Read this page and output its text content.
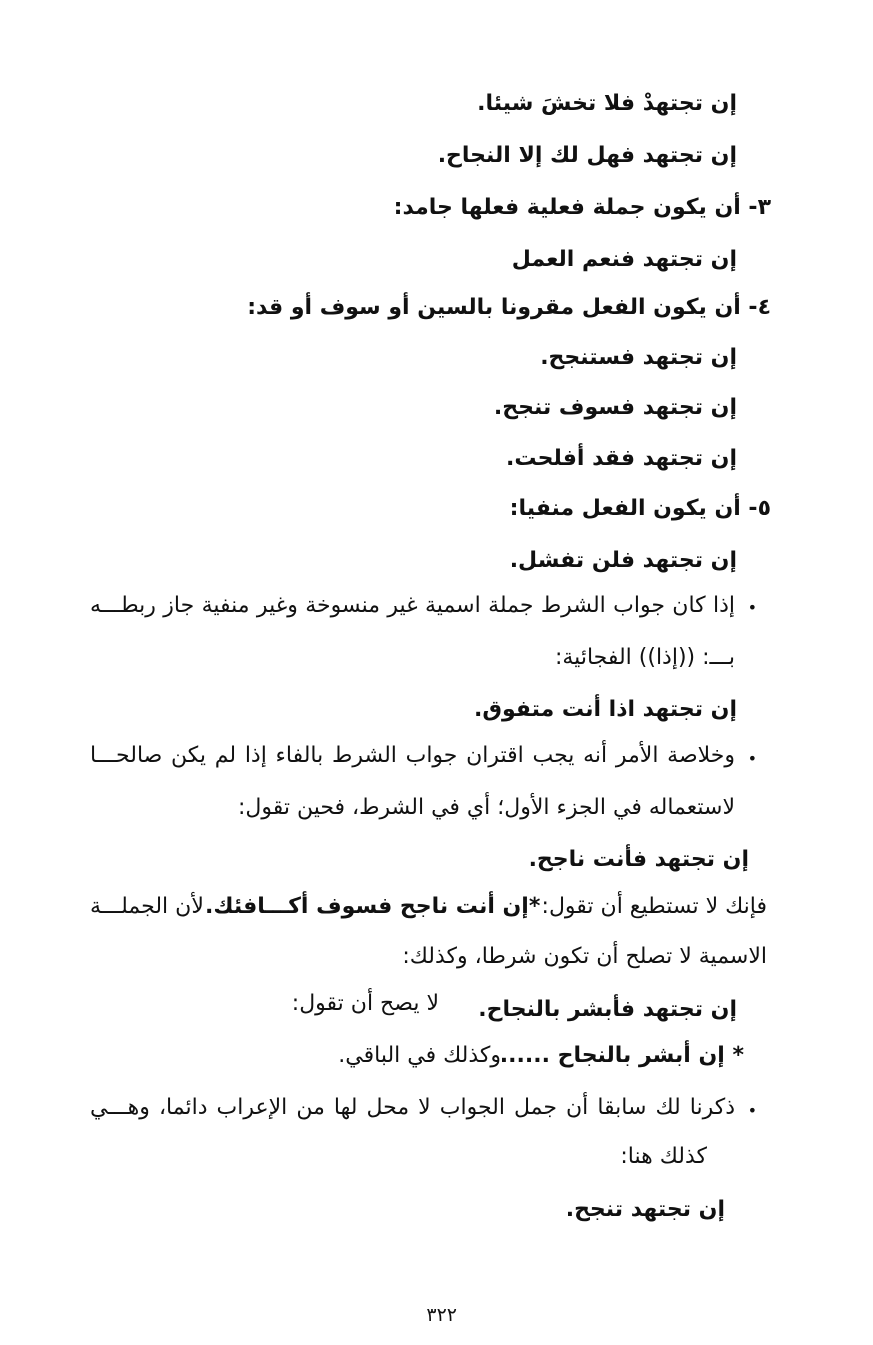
إن تجتهدْ فلا تخشَ شيئا.
إن تجتهد فهل لك إلا النجاح.
٣- أن يكون جملة فعلية فعلها جامد:
إن تجتهد فنعم العمل
٤- أن يكون الفعل مقرونا بالسين أو سوف أو قد:
إن تجتهد فستنجح.
إن تجتهد فسوف تنجح.
إن تجتهد فقد أفلحت.
٥- أن يكون الفعل منفيا:
إن تجتهد فلن تفشل.
•
إذا كان جواب الشرط جملة اسمية غير منسوخة وغير منفية جاز ربطـــه
بـــ: ((إذا)) الفجائية:
إن تجتهد اذا أنت متفوق.
•
وخلاصة الأمر أنه يجب اقتران جواب الشرط بالفاء إذا لم يكن صالحـــا
لاستعماله في الجزء الأول؛ أي في الشرط، فحين تقول:
إن تجتهد فأنت ناجح.
فإنك لا تستطيع أن تقول:
*إن أنت ناجح فسوف أكـــافئك.
لأن الجملـــة
الاسمية لا تصلح أن تكون شرطا، وكذلك:
إن تجتهد فأبشر بالنجاح.
لا يصح أن تقول:
* إن أبشر بالنجاح ......
وكذلك في الباقي.
•
ذكرنا لك سابقا أن جمل الجواب لا محل لها من الإعراب دائما، وهـــي
كذلك هنا:
إن تجتهد تنجح.
٣٢٢
